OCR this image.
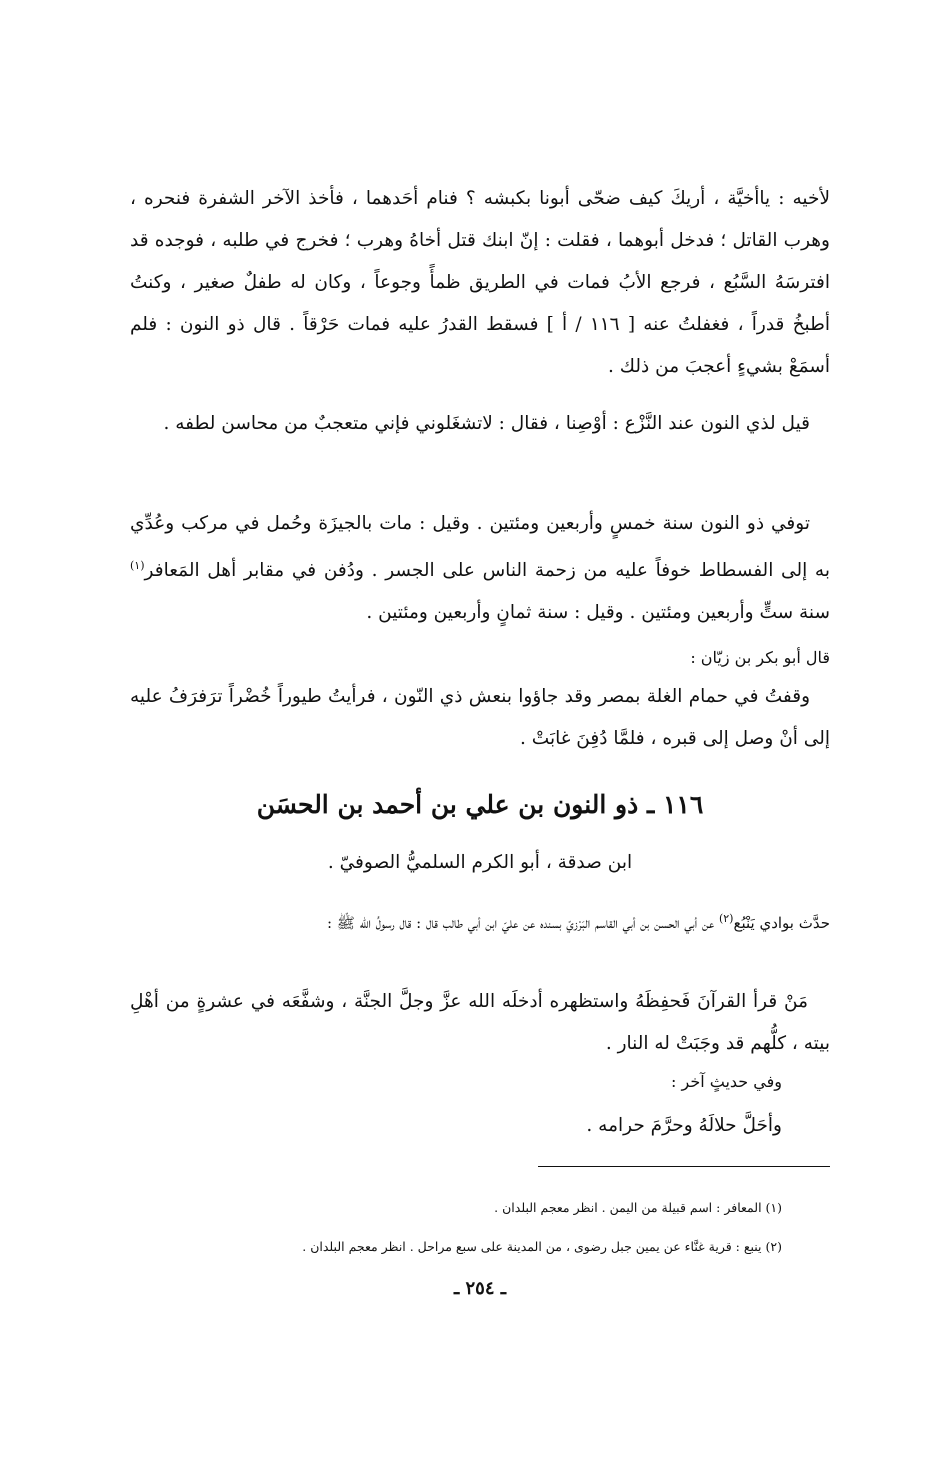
لأخيه : ياأخيَّة ، أريكَ كيف ضحّى أبونا بكبشه ؟ فنام أحَدهما ، فأخذ الآخر الشفرة فنحره ، وهرب القاتل ؛ فدخل أبوهما ، فقلت : إنّ ابنك قتل أخاهُ وهرب ؛ فخرج في طلبه ، فوجده قد افترسَهُ السَّبُع ، فرجع الأبُ فمات في الطريق ظمأً وجوعاً ، وكان له طفلٌ صغير ، وكنتُ أطبخُ قدراً ، فغفلتُ عنه [ ١١٦ / أ ] فسقط القدرُ عليه فمات حَرْقاً . قال ذو النون : فلم أسمَعْ بشيءٍ أعجبَ من ذلك .

قيل لذي النون عند النَّزْع : أوْصِنا ، فقال : لاتشغَلوني فإني متعجبٌ من محاسن لطفه .

توفي ذو النون سنة خمسٍ وأربعين ومئتين . وقيل : مات بالجيزَة وحُمل في مركب وعُدِّي به إلى الفسطاط خوفاً عليه من زحمة الناس على الجسر . ودُفن في مقابر أهل المَعافر$^{(١)}$ سنة ستٍّ وأربعين ومئتين . وقيل : سنة ثمانٍ وأربعين ومئتين .

قال أبو بكر بن زيّان :

وقفتُ في حمام الغلة بمصر وقد جاؤوا بنعش ذي النّون ، فرأيتُ طيوراً خُضْراً ترَفرَفُ عليه إلى أنْ وصل إلى قبره ، فلمَّا دُفِنَ غابَتْ .

١١٦ ـ ذو النون بن علي بن أحمد بن الحسَن

ابن صدقة ، أبو الكرم السلميُّ الصوفيّ .

حدَّث بوادي يَنْبُع$^{(٢)}$ عن أبي الحسن بن أبي القاسم البَرْزيّ بسنده عن عليّ ابن أبي طالب قال : قال رسولُ الله ﷺ :

مَنْ قرأ القرآنَ فَحفِظَهُ واستظهره أدخلَه الله عزَّ وجلَّ الجنَّة ، وشفَّعَه في عشرةٍ من أهْلِ بيته ، كلُّهم قد وجَبَتْ له النار .

وفي حديثٍ آخر :

وأحَلَّ حلالَهُ وحرَّمَ حرامه .

(١) المعافر : اسم قبيلة من اليمن . انظر معجم البلدان .

(٢) ينبع : قرية غنَّاء عن يمين جبل رضوى ، من المدينة على سبع مراحل . انظر معجم البلدان .

ـ ٢٥٤ ـ
